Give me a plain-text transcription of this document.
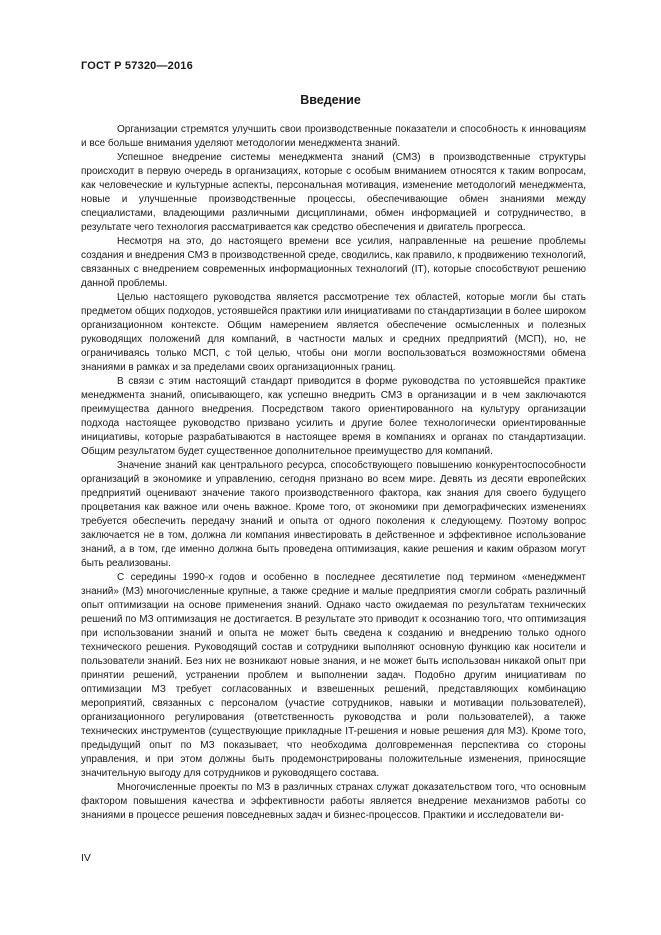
ГОСТ Р 57320—2016
Введение

Организации стремятся улучшить свои производственные показатели и способность к инновациям и все больше внимания уделяют методологии менеджмента знаний.

Успешное внедрение системы менеджмента знаний (СМЗ) в производственные структуры происходит в первую очередь в организациях, которые с особым вниманием относятся к таким вопросам, как человеческие и культурные аспекты, персональная мотивация, изменение методологий менеджмента, новые и улучшенные производственные процессы, обеспечивающие обмен знаниями между специалистами, владеющими различными дисциплинами, обмен информацией и сотрудничество, в результате чего технология рассматривается как средство обеспечения и двигатель прогресса.

Несмотря на это, до настоящего времени все усилия, направленные на решение проблемы создания и внедрения СМЗ в производственной среде, сводились, как правило, к продвижению технологий, связанных с внедрением современных информационных технологий (IT), которые способствуют решению данной проблемы.

Целью настоящего руководства является рассмотрение тех областей, которые могли бы стать предметом общих подходов, устоявшейся практики или инициативами по стандартизации в более широком организационном контексте. Общим намерением является обеспечение осмысленных и полезных руководящих положений для компаний, в частности малых и средних предприятий (МСП), но, не ограничиваясь только МСП, с той целью, чтобы они могли воспользоваться возможностями обмена знаниями в рамках и за пределами своих организационных границ.

В связи с этим настоящий стандарт приводится в форме руководства по устоявшейся практике менеджмента знаний, описывающего, как успешно внедрить СМЗ в организации и в чем заключаются преимущества данного внедрения. Посредством такого ориентированного на культуру организации подхода настоящее руководство призвано усилить и другие более технологически ориентированные инициативы, которые разрабатываются в настоящее время в компаниях и органах по стандартизации. Общим результатом будет существенное дополнительное преимущество для компаний.

Значение знаний как центрального ресурса, способствующего повышению конкурентоспособности организаций в экономике и управлению, сегодня признано во всем мире. Девять из десяти европейских предприятий оценивают значение такого производственного фактора, как знания для своего будущего процветания как важное или очень важное. Кроме того, от экономики при демографических изменениях требуется обеспечить передачу знаний и опыта от одного поколения к следующему. Поэтому вопрос заключается не в том, должна ли компания инвестировать в действенное и эффективное использование знаний, а в том, где именно должна быть проведена оптимизация, какие решения и каким образом могут быть реализованы.

С середины 1990-х годов и особенно в последнее десятилетие под термином «менеджмент знаний» (МЗ) многочисленные крупные, а также средние и малые предприятия смогли собрать различный опыт оптимизации на основе применения знаний. Однако часто ожидаемая по результатам технических решений по МЗ оптимизация не достигается. В результате это приводит к осознанию того, что оптимизация при использовании знаний и опыта не может быть сведена к созданию и внедрению только одного технического решения. Руководящий состав и сотрудники выполняют основную функцию как носители и пользователи знаний. Без них не возникают новые знания, и не может быть использован никакой опыт при принятии решений, устранении проблем и выполнении задач. Подобно другим инициативам по оптимизации МЗ требует согласованных и взвешенных решений, представляющих комбинацию мероприятий, связанных с персоналом (участие сотрудников, навыки и мотивации пользователей), организационного регулирования (ответственность руководства и роли пользователей), а также технических инструментов (существующие прикладные IT-решения и новые решения для МЗ). Кроме того, предыдущий опыт по МЗ показывает, что необходима долговременная перспектива со стороны управления, и при этом должны быть продемонстрированы положительные изменения, приносящие значительную выгоду для сотрудников и руководящего состава.

Многочисленные проекты по МЗ в различных странах служат доказательством того, что основным фактором повышения качества и эффективности работы является внедрение механизмов работы со знаниями в процессе решения повседневных задач и бизнес-процессов. Практики и исследователи ви-

IV
